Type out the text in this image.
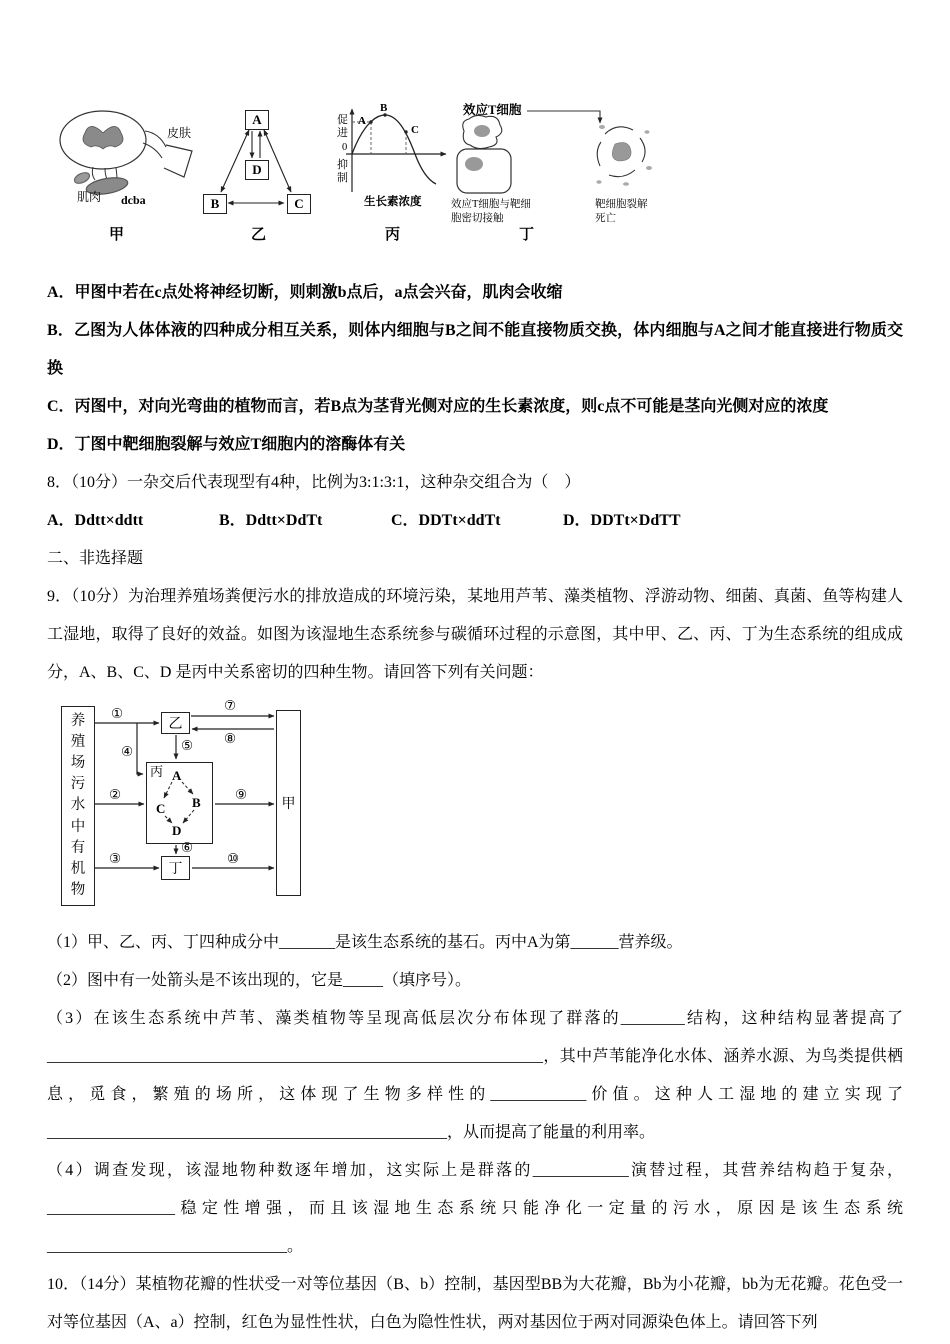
皮肤
肌肉 dcba
甲
A
D
B	C
乙
促进
0
抑制
A
B
C
生长素浓度
丙
效应T细胞
效应T细胞与靶细胞密切接触
靶细胞裂解死亡
丁

A．甲图中若在c点处将神经切断，则刺激b点后，a点会兴奋，肌肉会收缩

B．乙图为人体体液的四种成分相互关系，则体内细胞与B之间不能直接物质交换，体内细胞与A之间才能直接进行物质交换

C．丙图中，对向光弯曲的植物而言，若B点为茎背光侧对应的生长素浓度，则c点不可能是茎向光侧对应的浓度

D．丁图中靶细胞裂解与效应T细胞内的溶酶体有关

8．（10分）一杂交后代表现型有4种，比例为3:1:3:1，这种杂交组合为（　）

A．Ddtt×ddtt	B．Ddtt×DdTt	C．DDTt×ddTt	D．DDTt×DdTT

二、非选择题

9．（10分）为治理养殖场粪便污水的排放造成的环境污染，某地用芦苇、藻类植物、浮游动物、细菌、真菌、鱼等构建人工湿地，取得了良好的效益。如图为该湿地生态系统参与碳循环过程的示意图，其中甲、乙、丙、丁为生态系统的组成成分，A、B、C、D 是丙中关系密切的四种生物。请回答下列有关问题：

养殖场污水中有机物
乙
丙 A
C B
D
丁
甲
①
⑦
⑧
⑤
④
②	⑨
⑥
③	⑩

（1）甲、乙、丙、丁四种成分中_______是该生态系统的基石。丙中A为第______营养级。

（2）图中有一处箭头是不该出现的，它是_____（填序号）。

（3）在该生态系统中芦苇、藻类植物等呈现高低层次分布体现了群落的________结构，这种结构显著提高了______________________________________________________________，其中芦苇能净化水体、涵养水源、为鸟类提供栖息，觅食，繁殖的场所，这体现了生物多样性的____________价值。这种人工湿地的建立实现了__________________________________________________，从而提高了能量的利用率。

（4）调查发现，该湿地物种数逐年增加，这实际上是群落的____________演替过程，其营养结构趋于复杂，________________稳定性增强，而且该湿地生态系统只能净化一定量的污水，原因是该生态系统______________________________。

10．（14分）某植物花瓣的性状受一对等位基因（B、b）控制，基因型BB为大花瓣，Bb为小花瓣，bb为无花瓣。花色受一对等位基因（A、a）控制，红色为显性性状，白色为隐性性状，两对基因位于两对同源染色体上。请回答下列
